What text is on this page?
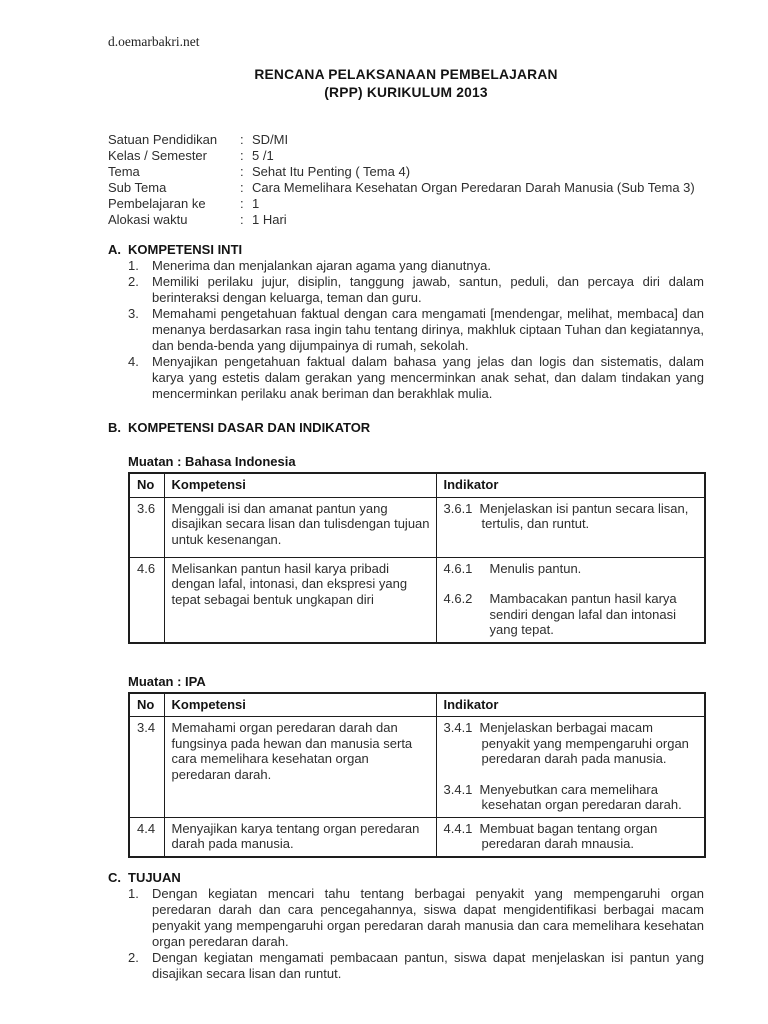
d.oemarbakri.net
RENCANA PELAKSANAAN PEMBELAJARAN
(RPP) KURIKULUM 2013
Satuan Pendidikan	: SD/MI
Kelas / Semester	: 5 /1
Tema	: Sehat Itu Penting ( Tema 4)
Sub Tema	: Cara Memelihara Kesehatan Organ Peredaran Darah Manusia (Sub Tema 3)
Pembelajaran ke	: 1
Alokasi waktu	: 1 Hari
A. KOMPETENSI INTI
1.	Menerima dan menjalankan ajaran agama yang dianutnya.
2.	Memiliki perilaku jujur, disiplin, tanggung jawab, santun, peduli, dan percaya diri dalam berinteraksi dengan keluarga, teman dan guru.
3.	Memahami pengetahuan faktual dengan cara mengamati [mendengar, melihat, membaca] dan menanya berdasarkan rasa ingin tahu tentang dirinya, makhluk ciptaan Tuhan dan kegiatannya, dan benda-benda yang dijumpainya di rumah, sekolah.
4.	Menyajikan pengetahuan faktual dalam bahasa yang jelas dan logis dan sistematis, dalam karya yang estetis dalam gerakan yang mencerminkan anak sehat, dan dalam tindakan yang mencerminkan perilaku anak beriman dan berakhlak mulia.
B. KOMPETENSI DASAR DAN INDIKATOR
Muatan : Bahasa Indonesia
No	Kompetensi	Indikator
3.6	Menggali isi dan amanat pantun yang disajikan secara lisan dan tulisdengan tujuan untuk kesenangan.	3.6.1 Menjelaskan isi pantun secara lisan, tertulis, dan runtut.

4.6	Melisankan pantun hasil karya pribadi dengan lafal, intonasi, dan ekspresi yang tepat sebagai bentuk ungkapan diri	4.6.1 Menulis pantun.
4.6.2 Mambacakan pantun hasil karya sendiri dengan lafal dan intonasi yang tepat.
Muatan : IPA
No	Kompetensi	Indikator
3.4	Memahami organ peredaran darah dan fungsinya pada hewan dan manusia serta cara memelihara kesehatan organ peredaran darah.	3.4.1 Menjelaskan berbagai macam penyakit yang mempengaruhi organ peredaran darah pada manusia.
3.4.1 Menyebutkan cara memelihara kesehatan organ peredaran darah.

4.4	Menyajikan karya tentang organ peredaran darah pada manusia.	4.4.1 Membuat bagan tentang organ peredaran darah mnausia.
C. TUJUAN
1.	Dengan kegiatan mencari tahu tentang berbagai penyakit yang mempengaruhi organ peredaran darah dan cara pencegahannya, siswa dapat mengidentifikasi berbagai macam penyakit yang mempengaruhi organ peredaran darah manusia dan cara memelihara kesehatan organ peredaran darah.
2.	Dengan kegiatan mengamati pembacaan pantun, siswa dapat menjelaskan isi pantun yang disajikan secara lisan dan runtut.
